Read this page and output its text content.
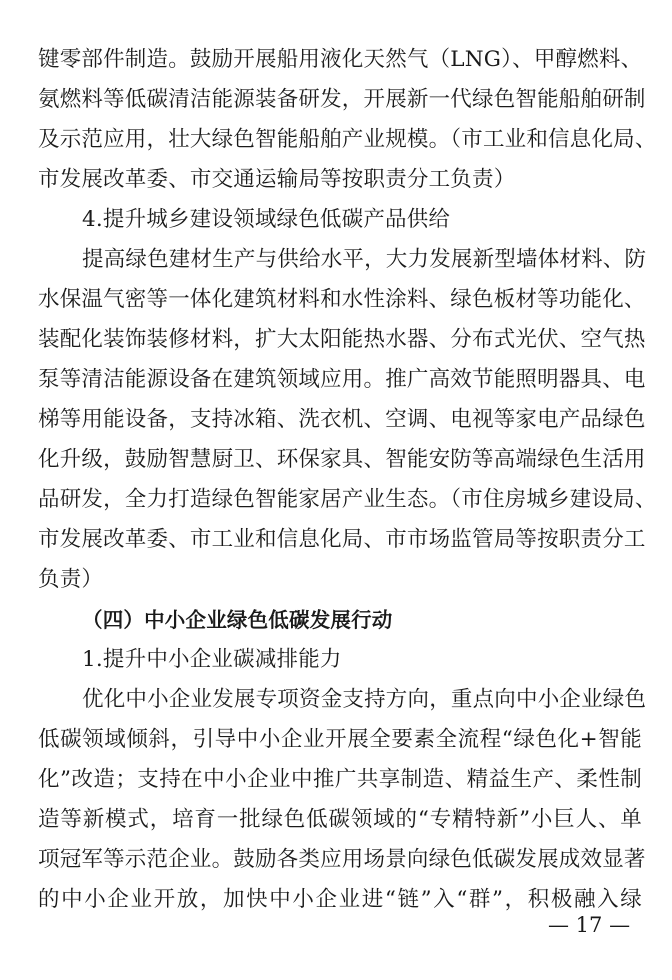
键零部件制造。鼓励开展船用液化天然气（LNG）、甲醇燃料、
氨燃料等低碳清洁能源装备研发，开展新一代绿色智能船舶研制
及示范应用，壮大绿色智能船舶产业规模。（市工业和信息化局、
市发展改革委、市交通运输局等按职责分工负责）
4.提升城乡建设领域绿色低碳产品供给
提高绿色建材生产与供给水平，大力发展新型墙体材料、防
水保温气密等一体化建筑材料和水性涂料、绿色板材等功能化、
装配化装饰装修材料，扩大太阳能热水器、分布式光伏、空气热
泵等清洁能源设备在建筑领域应用。推广高效节能照明器具、电
梯等用能设备，支持冰箱、洗衣机、空调、电视等家电产品绿色
化升级，鼓励智慧厨卫、环保家具、智能安防等高端绿色生活用
品研发，全力打造绿色智能家居产业生态。（市住房城乡建设局、
市发展改革委、市工业和信息化局、市市场监管局等按职责分工
负责）
（四）中小企业绿色低碳发展行动
1.提升中小企业碳减排能力
优化中小企业发展专项资金支持方向，重点向中小企业绿色
低碳领域倾斜，引导中小企业开展全要素全流程“绿色化+智能
化”改造；支持在中小企业中推广共享制造、精益生产、柔性制
造等新模式，培育一批绿色低碳领域的“专精特新”小巨人、单
项冠军等示范企业。鼓励各类应用场景向绿色低碳发展成效显著
的中小企业开放，加快中小企业进“链”入“群”，积极融入绿
— 17 —
